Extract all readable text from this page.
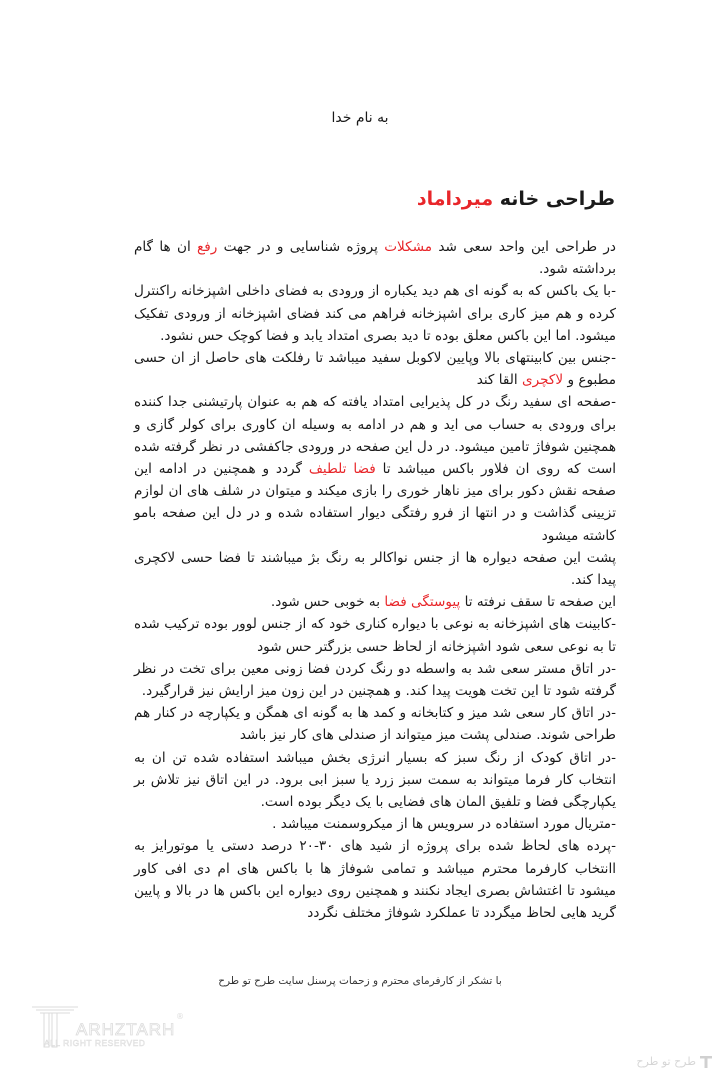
به نام خدا
طراحی خانه میرداماد

در طراحی این واحد سعی شد مشکلات پروژه شناسایی و در جهت رفع ان ها گام برداشته شود.

-با یک باکس که به گونه ای هم دید یکباره از ورودی به فضای داخلی اشپزخانه راکنترل کرده و هم میز کاری برای اشپزخانه فراهم می کند فضای اشپزخانه از ورودی تفکیک میشود. اما این باکس معلق بوده تا دید بصری امتداد یابد و فضا کوچک حس نشود.

-جنس بین کابینتهای بالا وپایین لاکوبل سفید میباشد تا رفلکت های حاصل از ان حسی مطبوع و لاکچری القا کند

-صفحه ای سفید رنگ در کل پذیرایی امتداد یافته که هم به عنوان پارتیشنی جدا کننده برای ورودی به حساب می اید و هم در ادامه به وسیله ان کاوری برای کولر گازی و همچنین شوفاژ تامین میشود. در دل این صفحه در ورودی جاکفشی در نظر گرفته شده است که روی ان فلاور باکس میباشد تا فضا تلطیف گردد و همچنین در ادامه این صفحه نقش دکور برای میز ناهار خوری را بازی میکند و میتوان در شلف های ان لوازم تزیینی گذاشت و در انتها از فرو رفتگی دیوار استفاده شده و در دل این صفحه بامو کاشته میشود

پشت این صفحه دیواره ها از جنس نواکالر به رنگ بژ میباشند تا فضا حسی لاکچری پیدا کند.

این صفحه تا سقف نرفته تا پیوستگی فضا به خوبی حس شود.

-کابینت های اشپزخانه به نوعی با دیواره کناری خود که از جنس لوور بوده ترکیب شده تا به نوعی سعی شود اشپزخانه از لحاظ حسی بزرگتر حس شود

-در اتاق مستر سعی شد به واسطه دو رنگ کردن فضا زونی معین برای تخت در نظر گرفته شود تا این تخت هویت پیدا کند. و همچنین در این زون میز ارایش نیز قرارگیرد.

-در اتاق کار سعی شد میز و کتابخانه و کمد ها به گونه ای همگن و یکپارچه در کنار هم طراحی شوند. صندلی پشت میز میتواند از صندلی های کار نیز باشد

-در اتاق کودک از رنگ سبز که بسیار انرژی بخش میباشد استفاده شده تن ان به انتخاب کار فرما میتواند به سمت سبز زرد یا سبز ابی برود. در این اتاق نیز تلاش بر یکپارچگی فضا و تلفیق المان های فضایی با یک دیگر بوده است.

-متریال مورد استفاده در سرویس ها از میکروسمنت میباشد .

-پرده های لحاظ شده برای پروژه از شید های ۳۰-۲۰ درصد دستی یا موتورایز به اانتخاب کارفرما محترم میباشد و تمامی شوفاژ ها با باکس های ام دی افی کاور میشود تا اغتشاش بصری ایجاد نکنند و همچنین روی دیواره این باکس ها در بالا و پایین گرید هایی لحاظ میگردد تا عملکرد شوفاژ مختلف نگردد

با تشکر از کارفرمای محترم و زحمات پرسنل سایت طرح تو طرح
ARHZTARH
ALL RIGHT RESERVED
®
طرح تو طرح
